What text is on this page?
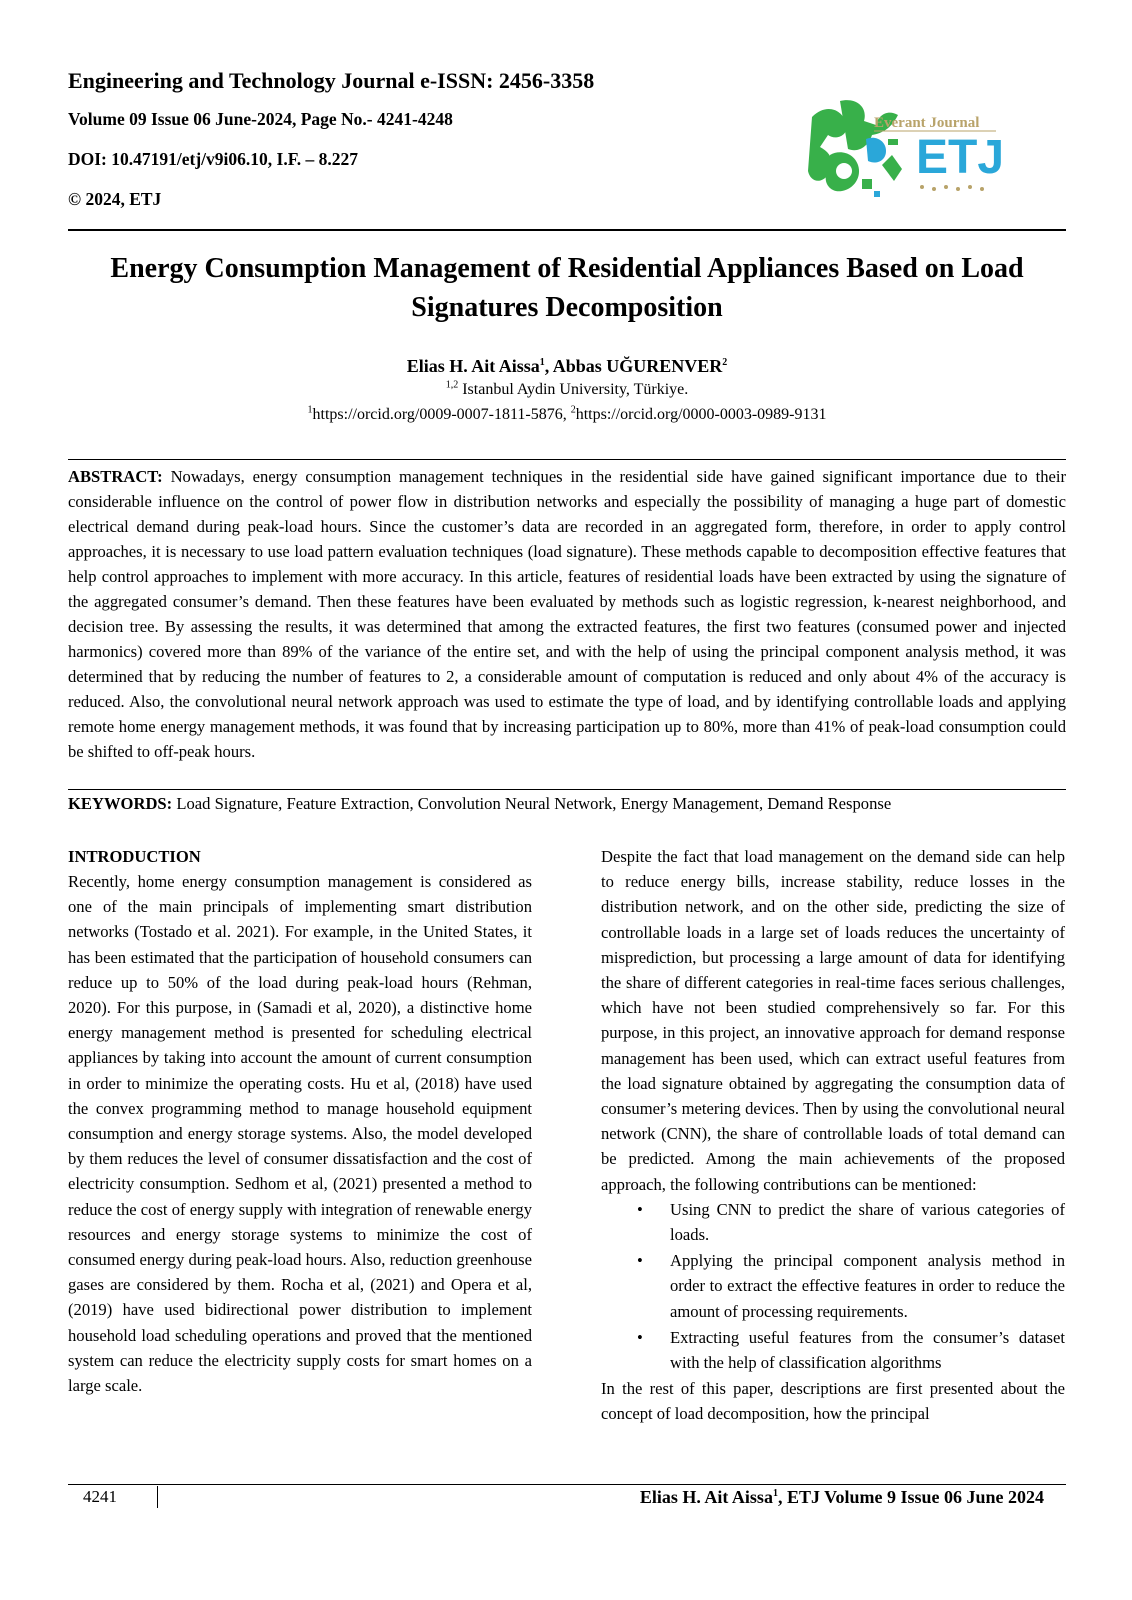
Engineering and Technology Journal e-ISSN: 2456-3358
Volume 09 Issue 06 June-2024, Page No.- 4241-4248
DOI: 10.47191/etj/v9i06.10, I.F. – 8.227
© 2024, ETJ
Everant Journal
ETJ
Energy Consumption Management of Residential Appliances Based on Load Signatures Decomposition
Elias H. Ait Aissa$^1$, Abbas UĞURENVER$^2$
$^{1,2}$ Istanbul Aydin University, Türkiye.
$^1$https://orcid.org/0009-0007-1811-5876, $^2$https://orcid.org/0000-0003-0989-9131
ABSTRACT: Nowadays, energy consumption management techniques in the residential side have gained significant importance due to their considerable influence on the control of power flow in distribution networks and especially the possibility of managing a huge part of domestic electrical demand during peak-load hours. Since the customer’s data are recorded in an aggregated form, therefore, in order to apply control approaches, it is necessary to use load pattern evaluation techniques (load signature). These methods capable to decomposition effective features that help control approaches to implement with more accuracy. In this article, features of residential loads have been extracted by using the signature of the aggregated consumer’s demand. Then these features have been evaluated by methods such as logistic regression, k-nearest neighborhood, and decision tree. By assessing the results, it was determined that among the extracted features, the first two features (consumed power and injected harmonics) covered more than 89% of the variance of the entire set, and with the help of using the principal component analysis method, it was determined that by reducing the number of features to 2, a considerable amount of computation is reduced and only about 4% of the accuracy is reduced. Also, the convolutional neural network approach was used to estimate the type of load, and by identifying controllable loads and applying remote home energy management methods, it was found that by increasing participation up to 80%, more than 41% of peak-load consumption could be shifted to off-peak hours.
KEYWORDS: Load Signature, Feature Extraction, Convolution Neural Network, Energy Management, Demand Response
INTRODUCTION

Recently, home energy consumption management is considered as one of the main principals of implementing smart distribution networks (Tostado et al. 2021). For example, in the United States, it has been estimated that the participation of household consumers can reduce up to 50% of the load during peak-load hours (Rehman, 2020). For this purpose, in (Samadi et al, 2020), a distinctive home energy management method is presented for scheduling electrical appliances by taking into account the amount of current consumption in order to minimize the operating costs. Hu et al, (2018) have used the convex programming method to manage household equipment consumption and energy storage systems. Also, the model developed by them reduces the level of consumer dissatisfaction and the cost of electricity consumption. Sedhom et al, (2021) presented a method to reduce the cost of energy supply with integration of renewable energy resources and energy storage systems to minimize the cost of consumed energy during peak-load hours. Also, reduction greenhouse gases are considered by them. Rocha et al, (2021) and Opera et al, (2019) have used bidirectional power distribution to implement household load scheduling operations and proved that the mentioned system can reduce the electricity supply costs for smart homes on a large scale.

Despite the fact that load management on the demand side can help to reduce energy bills, increase stability, reduce losses in the distribution network, and on the other side, predicting the size of controllable loads in a large set of loads reduces the uncertainty of misprediction, but processing a large amount of data for identifying the share of different categories in real-time faces serious challenges, which have not been studied comprehensively so far. For this purpose, in this project, an innovative approach for demand response management has been used, which can extract useful features from the load signature obtained by aggregating the consumption data of consumer’s metering devices. Then by using the convolutional neural network (CNN), the share of controllable loads of total demand can be predicted. Among the main achievements of the proposed approach, the following contributions can be mentioned:

• Using CNN to predict the share of various categories of loads.
• Applying the principal component analysis method in order to extract the effective features in order to reduce the amount of processing requirements.
• Extracting useful features from the consumer’s dataset with the help of classification algorithms

In the rest of this paper, descriptions are first presented about the concept of load decomposition, how the principal

4241	Elias H. Ait Aissa$^1$, ETJ Volume 9 Issue 06 June 2024
